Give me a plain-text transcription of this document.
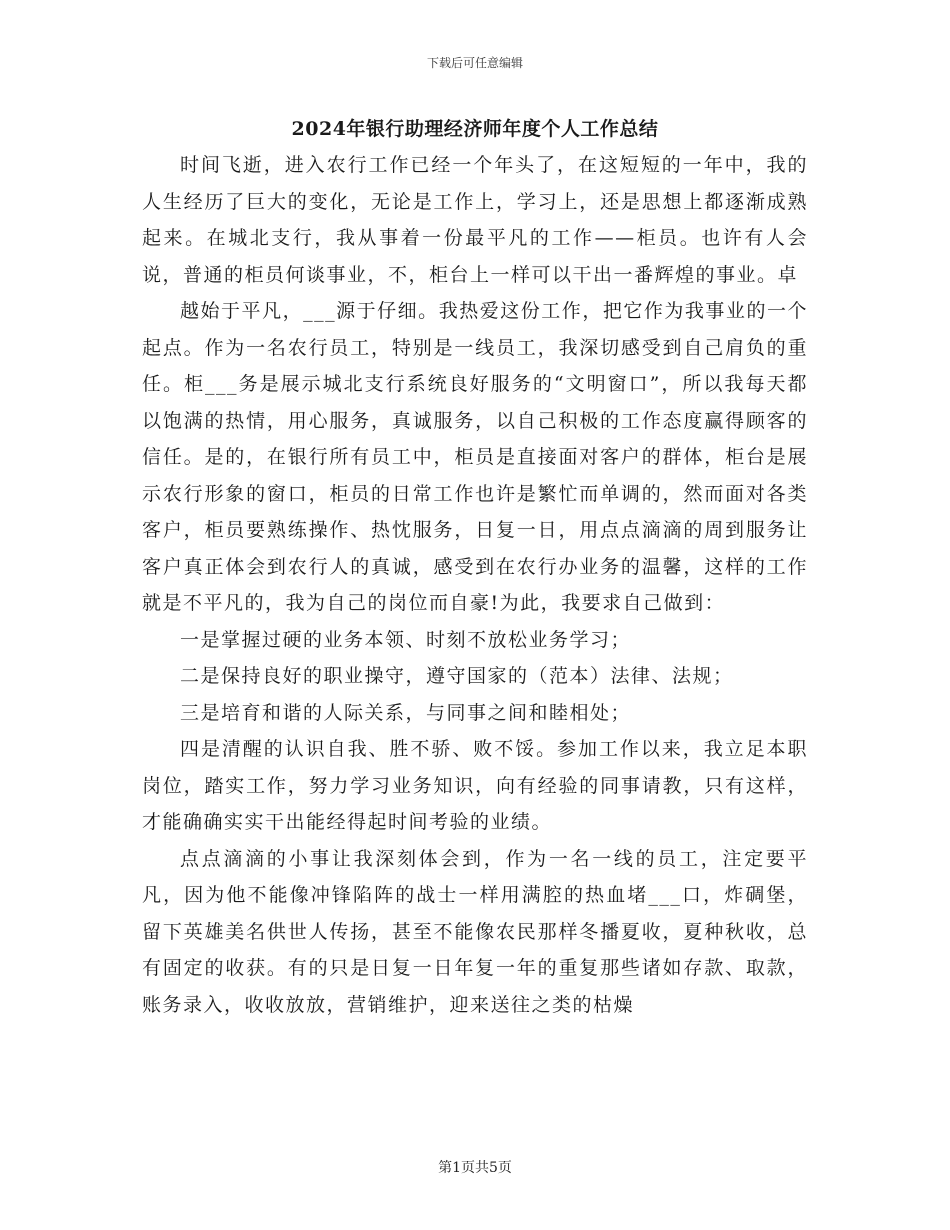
下载后可任意编辑
2024年银行助理经济师年度个人工作总结

时间飞逝，进入农行工作已经一个年头了，在这短短的一年中，我的人生经历了巨大的变化，无论是工作上，学习上，还是思想上都逐渐成熟起来。在城北支行，我从事着一份最平凡的工作——柜员。也许有人会说，普通的柜员何谈事业，不，柜台上一样可以干出一番辉煌的事业。卓

越始于平凡，___源于仔细。我热爱这份工作，把它作为我事业的一个起点。作为一名农行员工，特别是一线员工，我深切感受到自己肩负的重任。柜___务是展示城北支行系统良好服务的“文明窗口”，所以我每天都以饱满的热情，用心服务，真诚服务，以自己积极的工作态度赢得顾客的信任。是的，在银行所有员工中，柜员是直接面对客户的群体，柜台是展示农行形象的窗口，柜员的日常工作也许是繁忙而单调的，然而面对各类客户，柜员要熟练操作、热忱服务，日复一日，用点点滴滴的周到服务让客户真正体会到农行人的真诚，感受到在农行办业务的温馨，这样的工作就是不平凡的，我为自己的岗位而自豪!为此，我要求自己做到：

一是掌握过硬的业务本领、时刻不放松业务学习；

二是保持良好的职业操守，遵守国家的（范本）法律、法规；

三是培育和谐的人际关系，与同事之间和睦相处；

四是清醒的认识自我、胜不骄、败不馁。参加工作以来，我立足本职岗位，踏实工作，努力学习业务知识，向有经验的同事请教，只有这样，才能确确实实干出能经得起时间考验的业绩。

点点滴滴的小事让我深刻体会到，作为一名一线的员工，注定要平凡，因为他不能像冲锋陷阵的战士一样用满腔的热血堵___口，炸碉堡，留下英雄美名供世人传扬，甚至不能像农民那样冬播夏收，夏种秋收，总有固定的收获。有的只是日复一日年复一年的重复那些诸如存款、取款，账务录入，收收放放，营销维护，迎来送往之类的枯燥

第1页共5页
